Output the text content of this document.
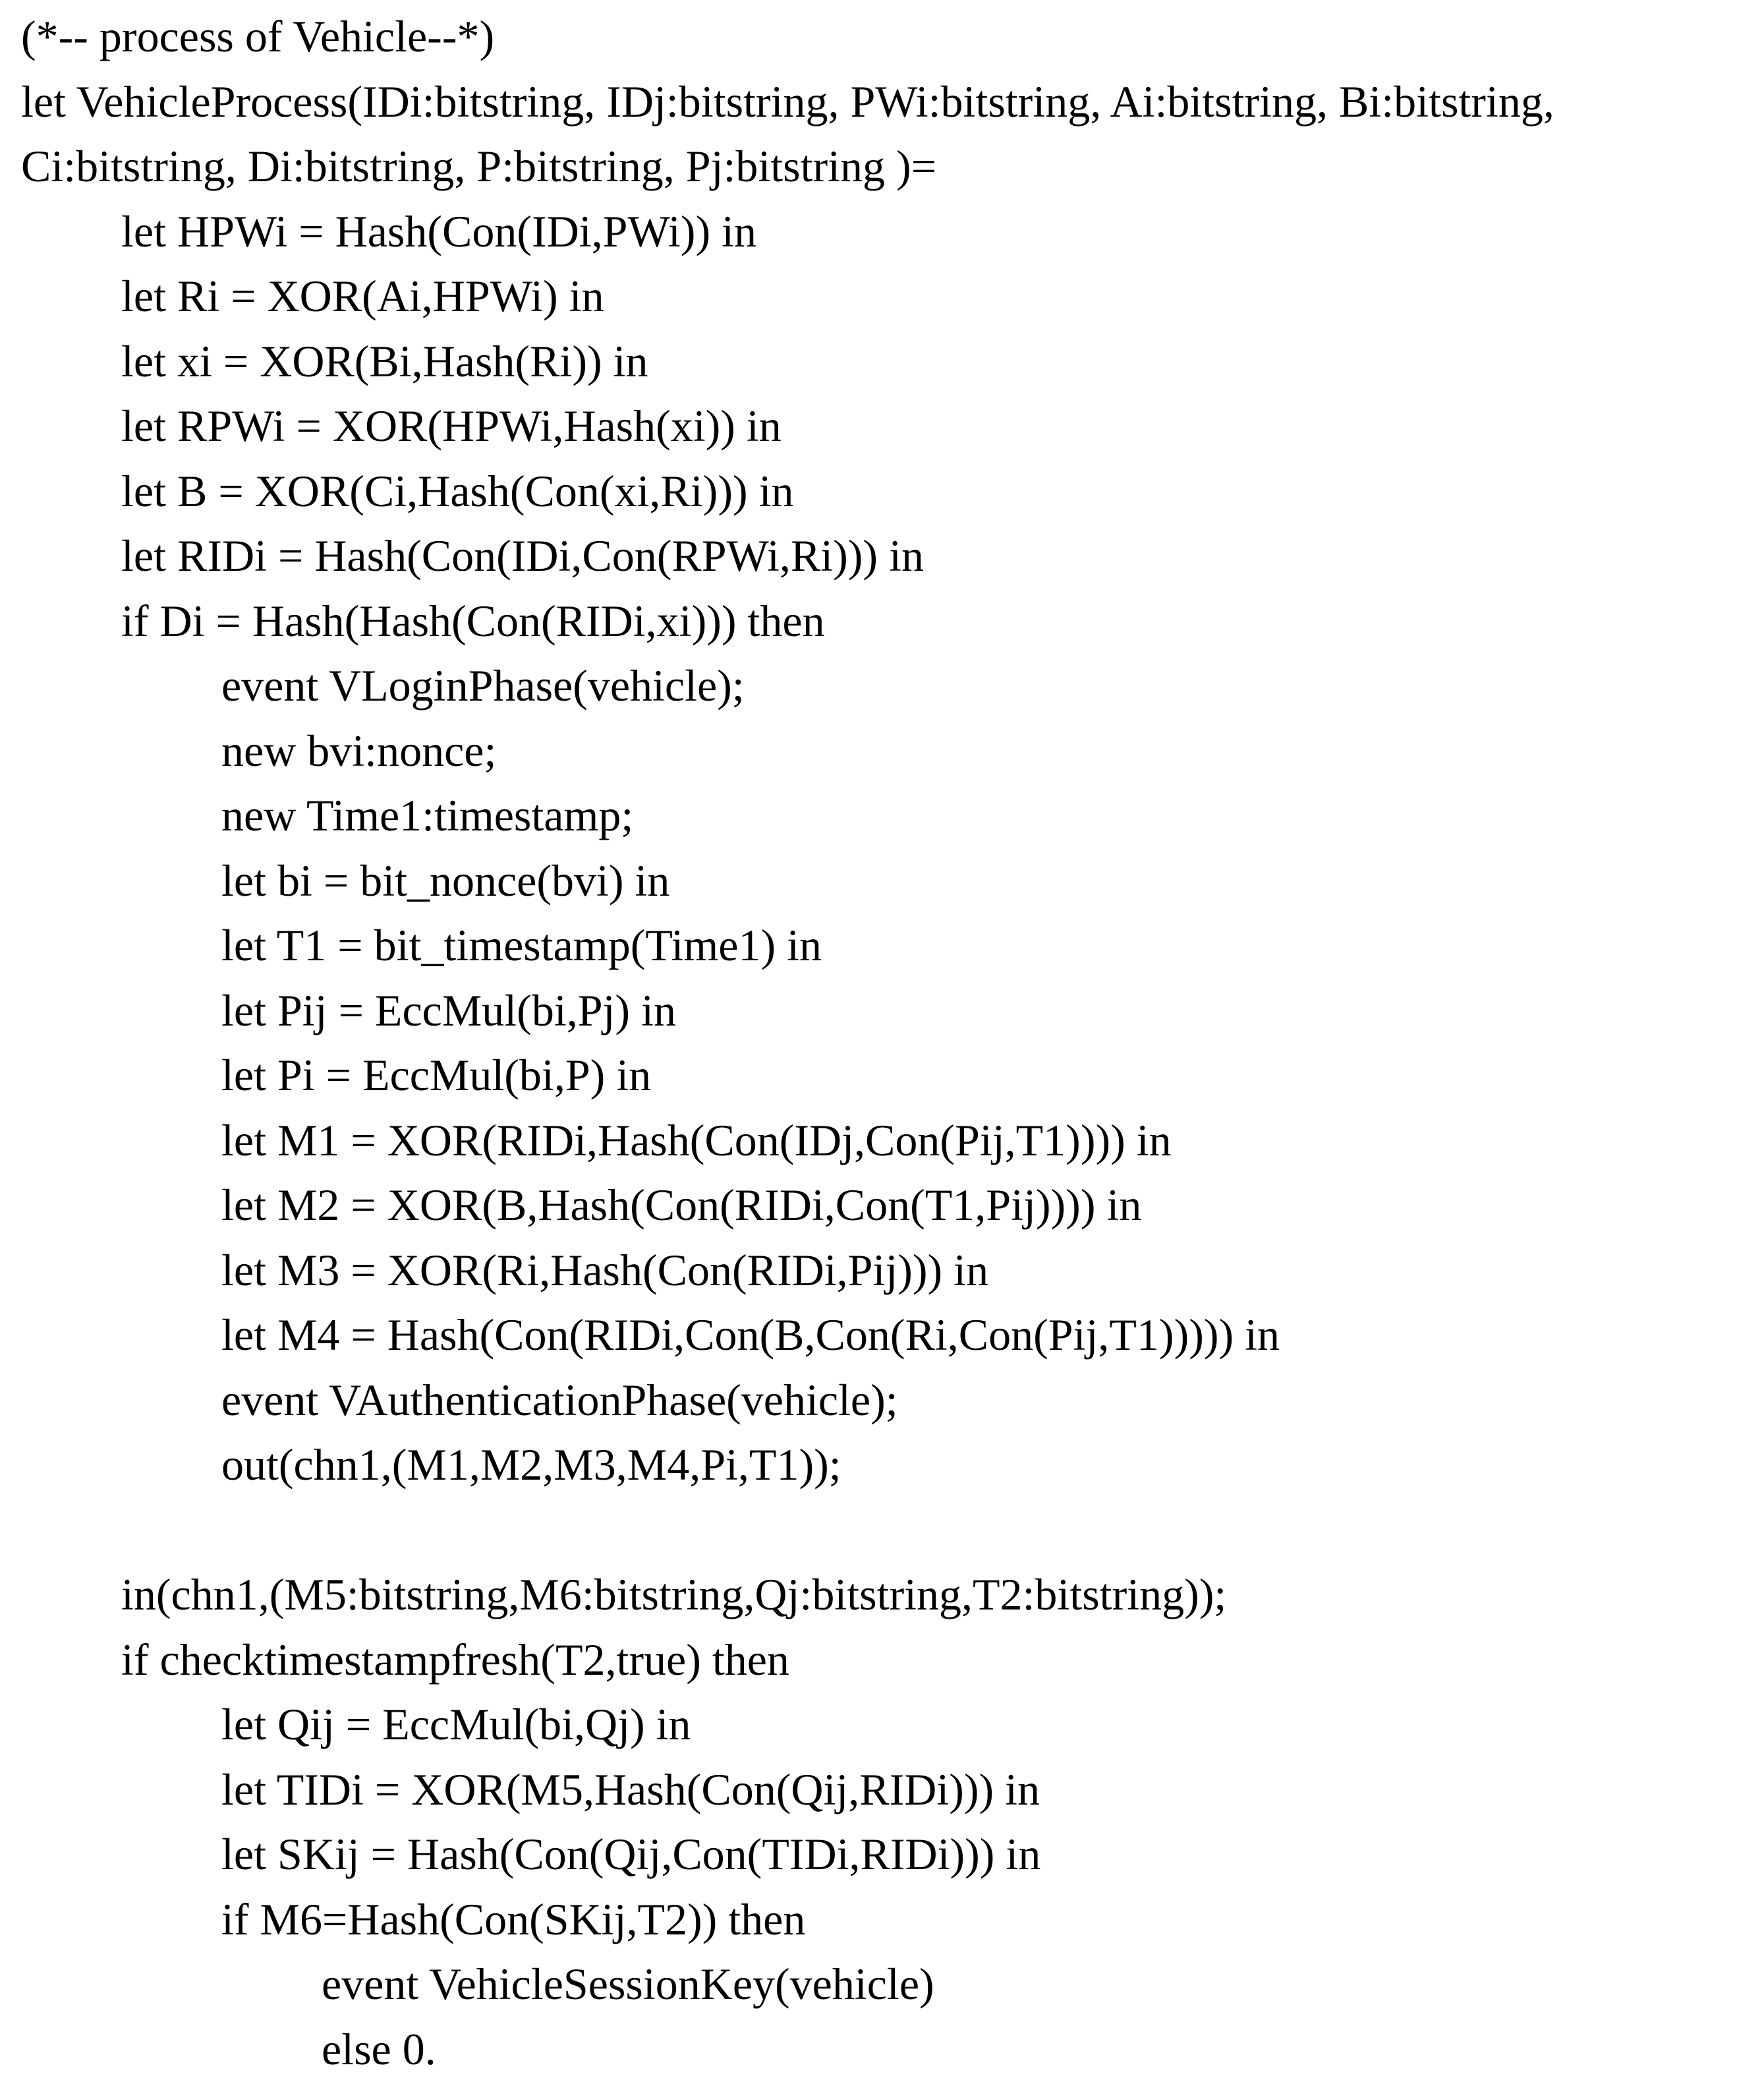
(*-- process of Vehicle--*)
let VehicleProcess(IDi:bitstring, IDj:bitstring, PWi:bitstring, Ai:bitstring, Bi:bitstring,
Ci:bitstring, Di:bitstring, P:bitstring, Pj:bitstring )=
let HPWi = Hash(Con(IDi,PWi)) in
let Ri = XOR(Ai,HPWi) in
let xi = XOR(Bi,Hash(Ri)) in
let RPWi = XOR(HPWi,Hash(xi)) in
let B = XOR(Ci,Hash(Con(xi,Ri))) in
let RIDi = Hash(Con(IDi,Con(RPWi,Ri))) in
if Di = Hash(Hash(Con(RIDi,xi))) then
event VLoginPhase(vehicle);
new bvi:nonce;
new Time1:timestamp;
let bi = bit_nonce(bvi) in
let T1 = bit_timestamp(Time1) in
let Pij = EccMul(bi,Pj) in
let Pi = EccMul(bi,P) in
let M1 = XOR(RIDi,Hash(Con(IDj,Con(Pij,T1)))) in
let M2 = XOR(B,Hash(Con(RIDi,Con(T1,Pij)))) in
let M3 = XOR(Ri,Hash(Con(RIDi,Pij))) in
let M4 = Hash(Con(RIDi,Con(B,Con(Ri,Con(Pij,T1))))) in
event VAuthenticationPhase(vehicle);
out(chn1,(M1,M2,M3,M4,Pi,T1));
in(chn1,(M5:bitstring,M6:bitstring,Qj:bitstring,T2:bitstring));
if checktimestampfresh(T2,true) then
let Qij = EccMul(bi,Qj) in
let TIDi = XOR(M5,Hash(Con(Qij,RIDi))) in
let SKij = Hash(Con(Qij,Con(TIDi,RIDi))) in
if M6=Hash(Con(SKij,T2)) then
event VehicleSessionKey(vehicle)
else 0.
